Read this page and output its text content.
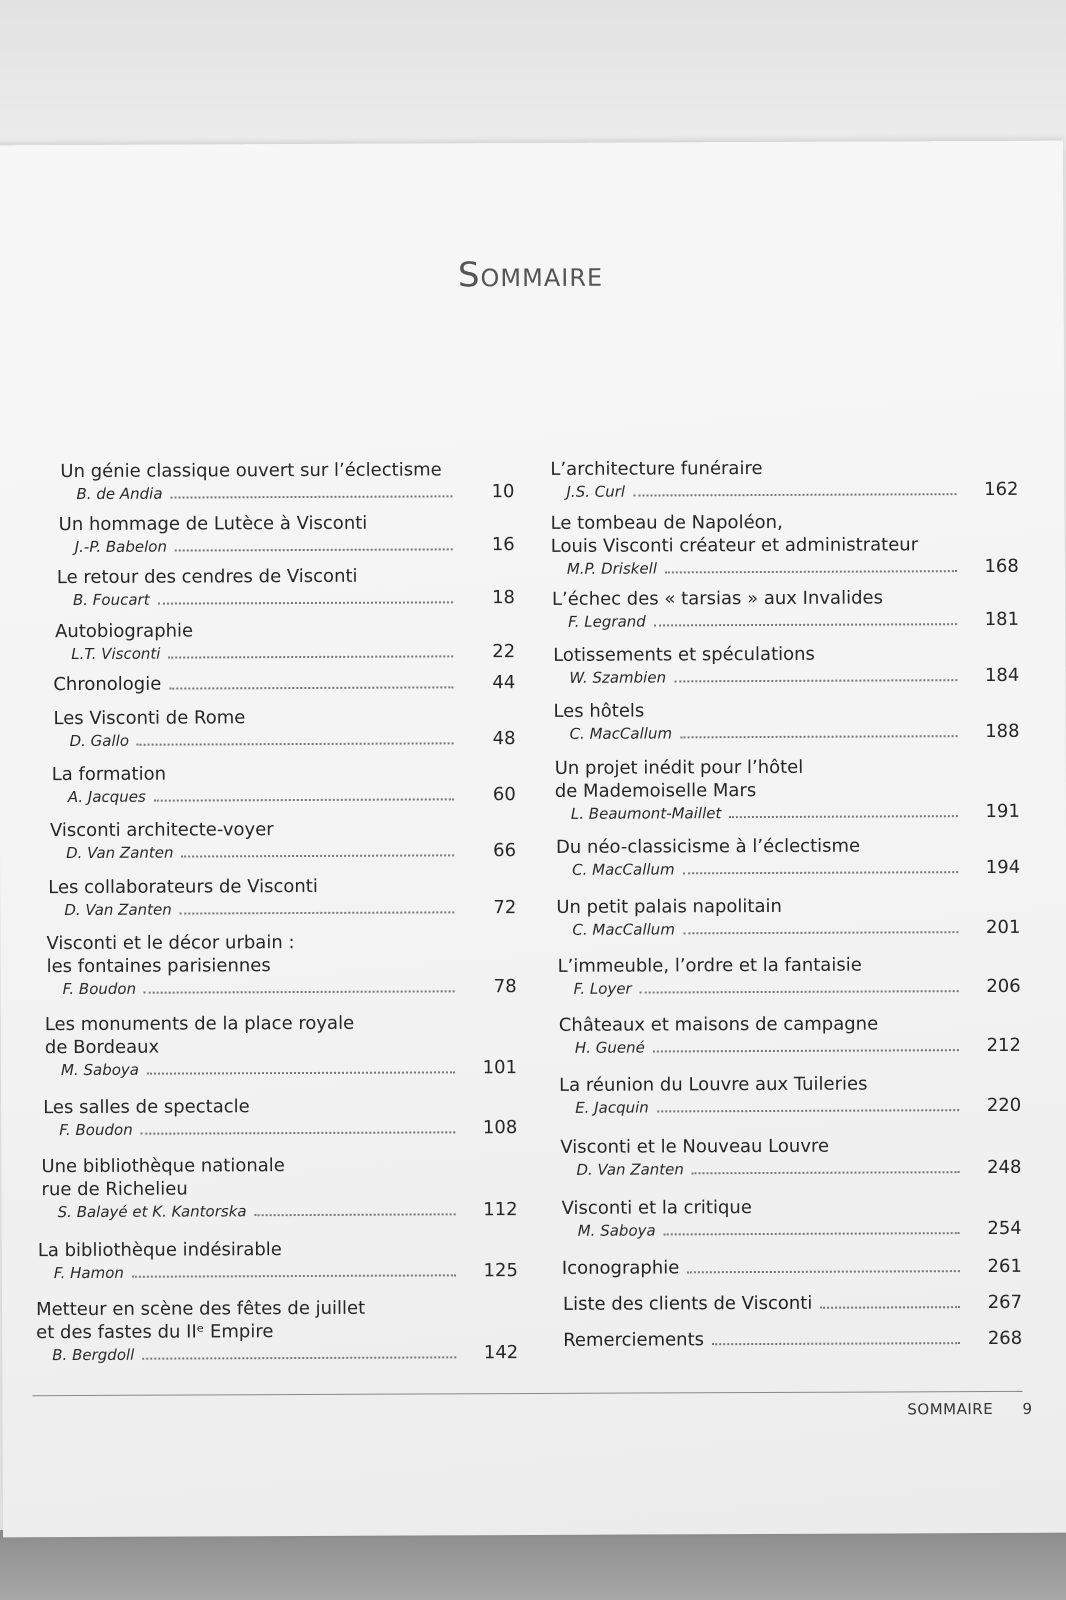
Sommaire
Un génie classique ouvert sur l’éclectisme
B. de Andia	10
Un hommage de Lutèce à Visconti
J.-P. Babelon	16
Le retour des cendres de Visconti
B. Foucart	18
Autobiographie
L.T. Visconti	22
Chronologie	44
Les Visconti de Rome
D. Gallo	48
La formation
A. Jacques	60
Visconti architecte-voyer
D. Van Zanten	66
Les collaborateurs de Visconti
D. Van Zanten	72
Visconti et le décor urbain :
les fontaines parisiennes
F. Boudon	78
Les monuments de la place royale
de Bordeaux
M. Saboya	101
Les salles de spectacle
F. Boudon	108
Une bibliothèque nationale
rue de Richelieu
S. Balayé et K. Kantorska	112
La bibliothèque indésirable
F. Hamon	125
Metteur en scène des fêtes de juillet
et des fastes du IIᵉ Empire
B. Bergdoll	142
L’architecture funéraire
J.S. Curl	162
Le tombeau de Napoléon,
Louis Visconti créateur et administrateur
M.P. Driskell	168
L’échec des « tarsias » aux Invalides
F. Legrand	181
Lotissements et spéculations
W. Szambien	184
Les hôtels
C. MacCallum	188
Un projet inédit pour l’hôtel
de Mademoiselle Mars
L. Beaumont-Maillet	191
Du néo-classicisme à l’éclectisme
C. MacCallum	194
Un petit palais napolitain
C. MacCallum	201
L’immeuble, l’ordre et la fantaisie
F. Loyer	206
Châteaux et maisons de campagne
H. Guené	212
La réunion du Louvre aux Tuileries
E. Jacquin	220
Visconti et le Nouveau Louvre
D. Van Zanten	248
Visconti et la critique
M. Saboya	254
Iconographie	261
Liste des clients de Visconti	267
Remerciements	268
SOMMAIRE 9
